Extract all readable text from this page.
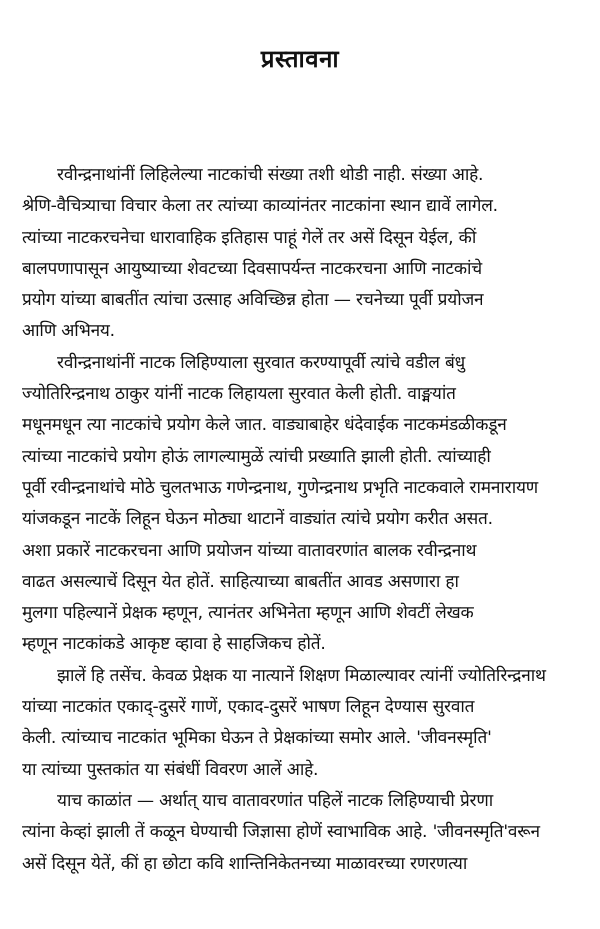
प्रस्तावना
रवीन्द्रनाथांनीं लिहिलेल्या नाटकांची संख्या तशी थोडी नाही. संख्या आहे.
श्रेणि-वैचित्र्याचा विचार केला तर त्यांच्या काव्यांनंतर नाटकांना स्थान द्यावें लागेल.
त्यांच्या नाटकरचनेचा धारावाहिक इतिहास पाहूं गेलें तर असें दिसून येईल, कीं
बालपणापासून आयुष्याच्या शेवटच्या दिवसापर्यन्त नाटकरचना आणि नाटकांचे
प्रयोग यांच्या बाबतींत त्यांचा उत्साह अविच्छिन्न होता — रचनेच्या पूर्वी प्रयोजन
आणि अभिनय.
रवीन्द्रनाथांनीं नाटक लिहिण्याला सुरवात करण्यापूर्वी त्यांचे वडील बंधु
ज्योतिरिन्द्रनाथ ठाकुर यांनीं नाटक लिहायला सुरवात केली होती. वाङ्मयांत
मधूनमधून त्या नाटकांचे प्रयोग केले जात. वाड्याबाहेर धंदेवाईक नाटकमंडळीकडून
त्यांच्या नाटकांचे प्रयोग होऊं लागल्यामुळें त्यांची प्रख्याति झाली होती. त्यांच्याही
पूर्वी रवीन्द्रनाथांचे मोठे चुलतभाऊ गणेन्द्रनाथ, गुणेन्द्रनाथ प्रभृति नाटकवाले रामनारायण
यांजकडून नाटकें लिहून घेऊन मोठ्या थाटानें वाड्यांत त्यांचे प्रयोग करीत असत.
अशा प्रकारें नाटकरचना आणि प्रयोजन यांच्या वातावरणांत बालक रवीन्द्रनाथ
वाढत असल्याचें दिसून येत होतें. साहित्याच्या बाबतींत आवड असणारा हा
मुलगा पहिल्यानें प्रेक्षक म्हणून, त्यानंतर अभिनेता म्हणून आणि शेवटीं लेखक
म्हणून नाटकांकडे आकृष्ट व्हावा हे साहजिकच होतें.
झालें हि तसेंच. केवळ प्रेक्षक या नात्यानें शिक्षण मिळाल्यावर त्यांनीं ज्योतिरिन्द्रनाथ
यांच्या नाटकांत एकाद्-दुसरें गाणें, एकाद-दुसरें भाषण लिहून देण्यास सुरवात
केली. त्यांच्याच नाटकांत भूमिका घेऊन ते प्रेक्षकांच्या समोर आले. 'जीवनस्मृति'
या त्यांच्या पुस्तकांत या संबंधीं विवरण आलें आहे.
याच काळांत — अर्थात् याच वातावरणांत पहिलें नाटक लिहिण्याची प्रेरणा
त्यांना केव्हां झाली तें कळून घेण्याची जिज्ञासा होणें स्वाभाविक आहे. 'जीवनस्मृति'वरून
असें दिसून येतें, कीं हा छोटा कवि शान्तिनिकेतनच्या माळावरच्या रणरणत्या
